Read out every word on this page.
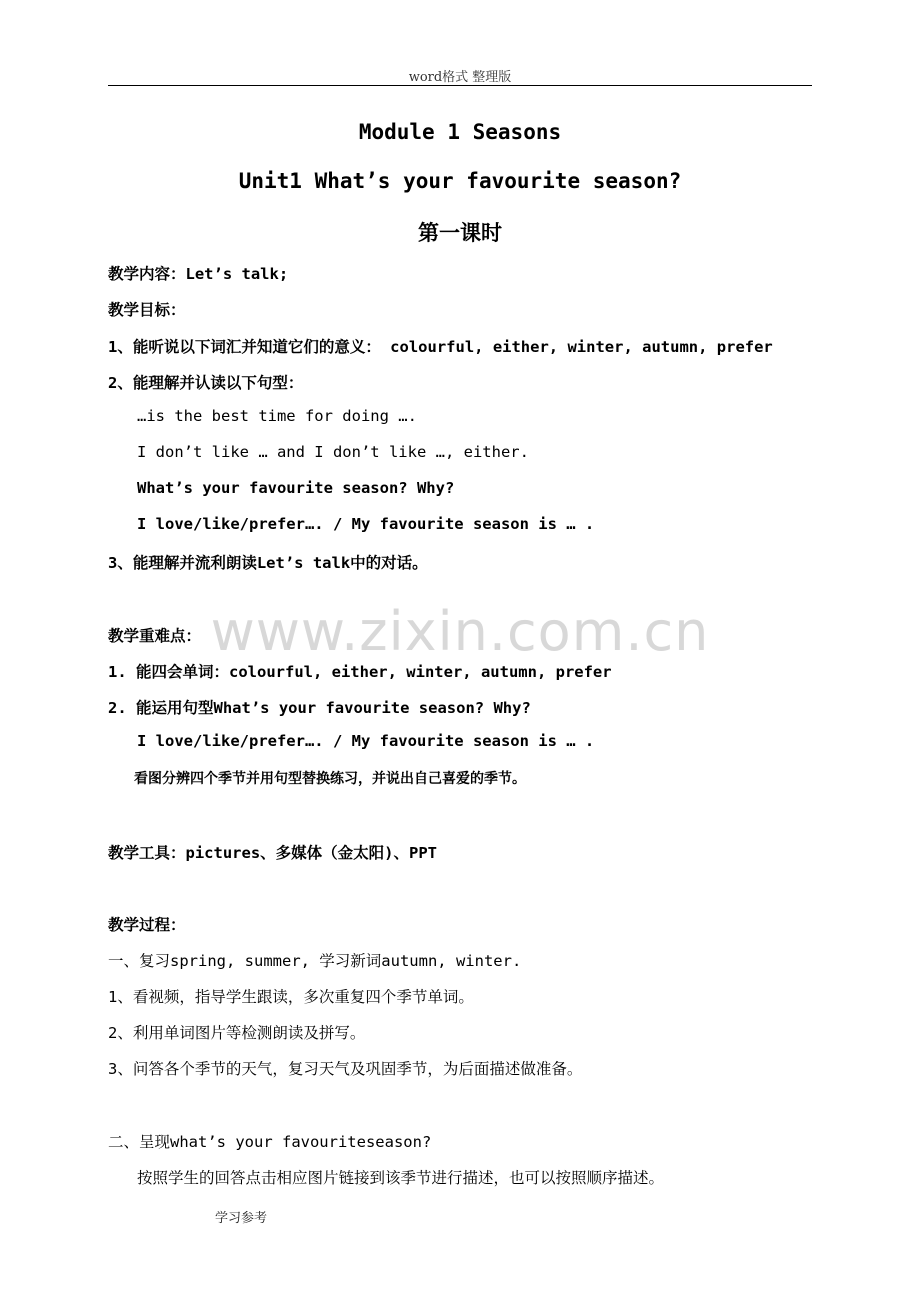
word格式 整理版
www.zixin.com.cn
Module 1 Seasons
Unit1 What’s your favourite season?
第一课时
教学内容：Let’s talk;
教学目标：
1、能听说以下词汇并知道它们的意义： colourful, either, winter, autumn, prefer
2、能理解并认读以下句型：
…is the best time for doing ….
I don’t like … and I don’t like …, either.
What’s your favourite season? Why?
I love/like/prefer…. / My favourite season is … .
3、能理解并流利朗读Let’s talk中的对话。
教学重难点：
1. 能四会单词：colourful, either, winter, autumn, prefer
2. 能运用句型What’s your favourite season? Why?
I love/like/prefer…. / My favourite season is … .
看图分辨四个季节并用句型替换练习，并说出自己喜爱的季节。
教学工具：pictures、多媒体（金太阳)、PPT
教学过程：
一、复习spring, summer, 学习新词autumn, winter.
1、看视频，指导学生跟读，多次重复四个季节单词。
2、利用单词图片等检测朗读及拼写。
3、问答各个季节的天气，复习天气及巩固季节，为后面描述做准备。
二、呈现what’s your favouriteseason?
按照学生的回答点击相应图片链接到该季节进行描述，也可以按照顺序描述。
学习参考
